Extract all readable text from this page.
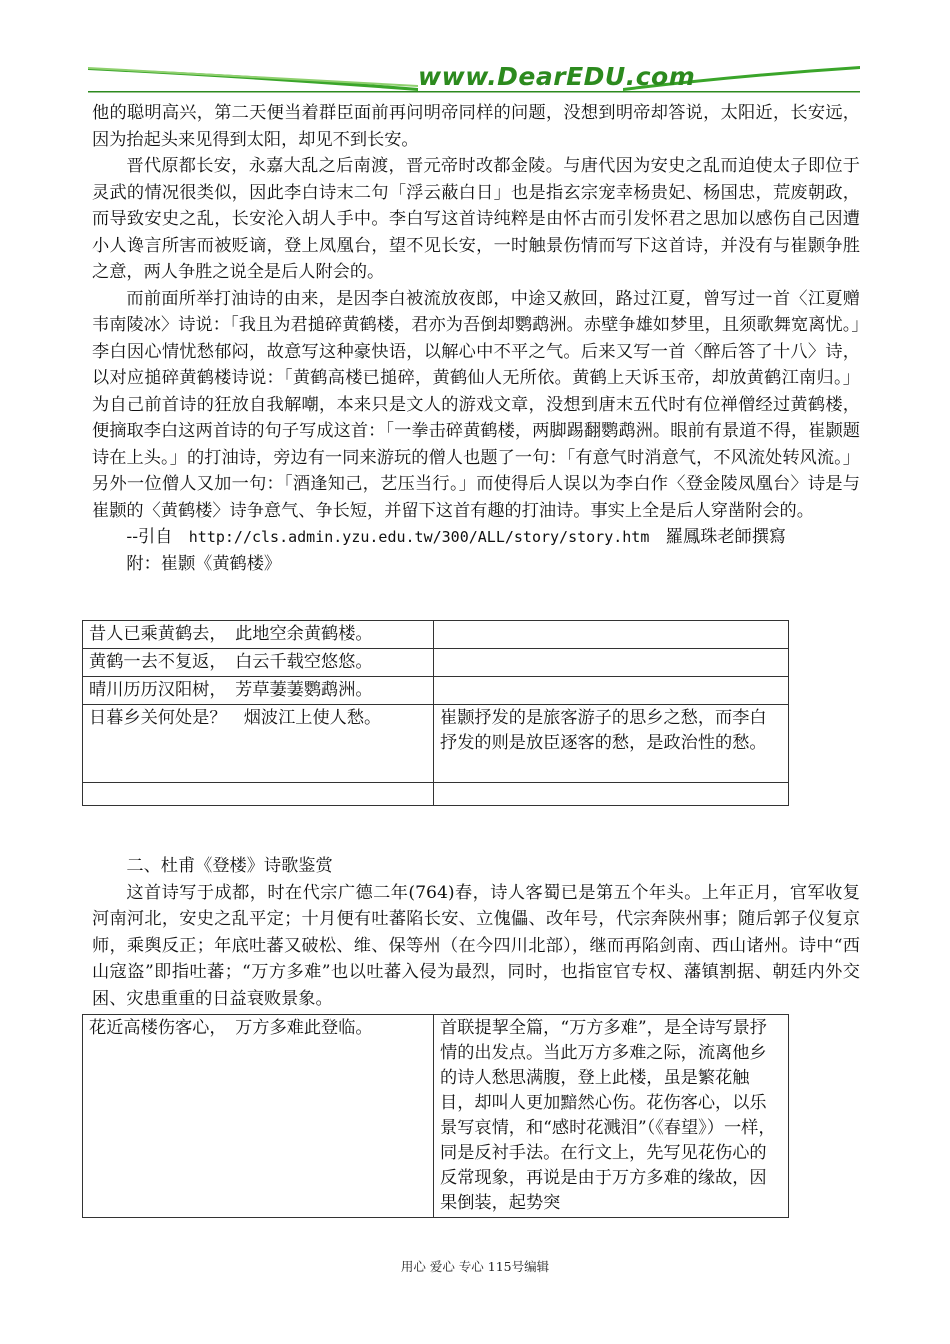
www.DearEDU.com

他的聪明高兴，第二天便当着群臣面前再问明帝同样的问题，没想到明帝却答说，太阳近，长安远，因为抬起头来见得到太阳，却见不到长安。

晋代原都长安，永嘉大乱之后南渡，晋元帝时改都金陵。与唐代因为安史之乱而迫使太子即位于灵武的情况很类似，因此李白诗末二句「浮云蔽白日」也是指玄宗宠幸杨贵妃、杨国忠，荒废朝政，而导致安史之乱，长安沦入胡人手中。李白写这首诗纯粹是由怀古而引发怀君之思加以感伤自己因遭小人谗言所害而被贬谪，登上凤凰台，望不见长安，一时触景伤情而写下这首诗，并没有与崔颢争胜之意，两人争胜之说全是后人附会的。

而前面所举打油诗的由来，是因李白被流放夜郎，中途又赦回，路过江夏，曾写过一首〈江夏赠韦南陵冰〉诗说：「我且为君搥碎黄鹤楼，君亦为吾倒却鹦鹉洲。赤壁争雄如梦里，且须歌舞宽离忧。」李白因心情忧愁郁闷，故意写这种豪快语，以解心中不平之气。后来又写一首〈醉后答了十八〉诗，以对应搥碎黄鹤楼诗说：「黄鹤高楼已搥碎，黄鹤仙人无所依。黄鹤上天诉玉帝，却放黄鹤江南归。」为自己前首诗的狂放自我解嘲，本来只是文人的游戏文章，没想到唐末五代时有位禅僧经过黄鹤楼，便摘取李白这两首诗的句子写成这首：「一拳击碎黄鹤楼，两脚踢翻鹦鹉洲。眼前有景道不得，崔颢题诗在上头。」的打油诗，旁边有一同来游玩的僧人也题了一句：「有意气时消意气，不风流处转风流。」另外一位僧人又加一句：「酒逢知己，艺压当行。」而使得后人误以为李白作〈登金陵凤凰台〉诗是与崔颢的〈黄鹤楼〉诗争意气、争长短，并留下这首有趣的打油诗。事实上全是后人穿凿附会的。

--引自 http://cls.admin.yzu.edu.tw/300/ALL/story/story.htm 羅鳳珠老師撰寫

附：崔颢《黄鹤楼》

昔人已乘黄鹤去，　此地空余黄鹤楼。	
黄鹤一去不复返，　白云千载空悠悠。	
晴川历历汉阳树，　芳草萋萋鹦鹉洲。	
日暮乡关何处是？　烟波江上使人愁。	崔颢抒发的是旅客游子的思乡之愁，而李白抒发的则是放臣逐客的愁，是政治性的愁。

二、杜甫《登楼》诗歌鉴赏

这首诗写于成都，时在代宗广德二年(764)春，诗人客蜀已是第五个年头。上年正月，官军收复河南河北，安史之乱平定；十月便有吐蕃陷长安、立傀儡、改年号，代宗奔陕州事；随后郭子仪复京师，乘舆反正；年底吐蕃又破松、维、保等州（在今四川北部），继而再陷剑南、西山诸州。诗中“西山寇盗”即指吐蕃；“万方多难”也以吐蕃入侵为最烈，同时，也指宦官专权、藩镇割据、朝廷内外交困、灾患重重的日益衰败景象。

花近高楼伤客心，　万方多难此登临。	首联提挈全篇，“万方多难”，是全诗写景抒情的出发点。当此万方多难之际，流离他乡的诗人愁思满腹，登上此楼，虽是繁花触目，却叫人更加黯然心伤。花伤客心，以乐景写哀情，和“感时花溅泪”（《春望》）一样，同是反衬手法。在行文上，先写见花伤心的反常现象，再说是由于万方多难的缘故，因果倒装，起势突
用心 爱心 专心 115号编辑
